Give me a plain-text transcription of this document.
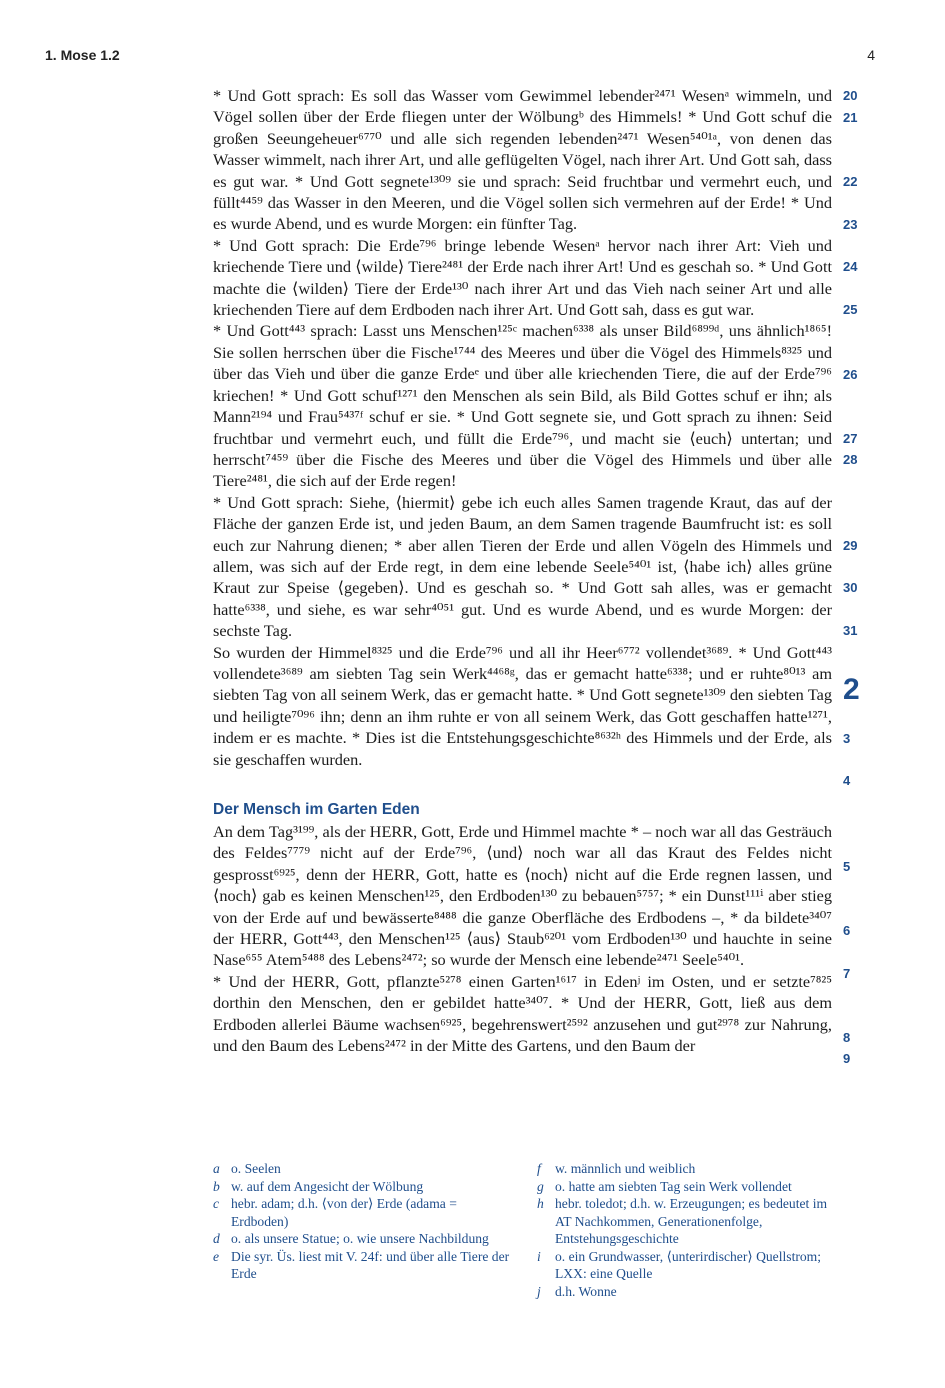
1. Mose 1.2	4

* Und Gott sprach: Es soll das Wasser vom Gewimmel lebender²⁴⁷¹ Wesenᵃ wimmeln, und Vögel sollen über der Erde fliegen unter der Wölbungᵇ des Himmels! * Und Gott schuf die großen Seeungeheuer⁶⁷⁷⁰ und alle sich regenden lebenden²⁴⁷¹ Wesen⁵⁴⁰¹ᵃ, von denen das Wasser wimmelt, nach ihrer Art, und alle geflügelten Vögel, nach ihrer Art. Und Gott sah, dass es gut war. * Und Gott segnete¹³⁰⁹ sie und sprach: Seid fruchtbar und vermehrt euch, und füllt⁴⁴⁵⁹ das Wasser in den Meeren, und die Vögel sollen sich vermehren auf der Erde! * Und es wurde Abend, und es wurde Morgen: ein fünfter Tag.

* Und Gott sprach: Die Erde⁷⁹⁶ bringe lebende Wesenᵃ hervor nach ihrer Art: Vieh und kriechende Tiere und ⟨wilde⟩ Tiere²⁴⁸¹ der Erde nach ihrer Art! Und es geschah so. * Und Gott machte die ⟨wilden⟩ Tiere der Erde¹³⁰ nach ihrer Art und das Vieh nach seiner Art und alle kriechenden Tiere auf dem Erdboden nach ihrer Art. Und Gott sah, dass es gut war.

* Und Gott⁴⁴³ sprach: Lasst uns Menschen¹²⁵ᶜ machen⁶³³⁸ als unser Bild⁶⁸⁹⁹ᵈ, uns ähnlich¹⁸⁶⁵! Sie sollen herrschen über die Fische¹⁷⁴⁴ des Meeres und über die Vögel des Himmels⁸³²⁵ und über das Vieh und über die ganze Erdeᵉ und über alle kriechenden Tiere, die auf der Erde⁷⁹⁶ kriechen! * Und Gott schuf¹²⁷¹ den Menschen als sein Bild, als Bild Gottes schuf er ihn; als Mann²¹⁹⁴ und Frau⁵⁴³⁷ᶠ schuf er sie. * Und Gott segnete sie, und Gott sprach zu ihnen: Seid fruchtbar und vermehrt euch, und füllt die Erde⁷⁹⁶, und macht sie ⟨euch⟩ untertan; und herrscht⁷⁴⁵⁹ über die Fische des Meeres und über die Vögel des Himmels und über alle Tiere²⁴⁸¹, die sich auf der Erde regen!

* Und Gott sprach: Siehe, ⟨hiermit⟩ gebe ich euch alles Samen tragende Kraut, das auf der Fläche der ganzen Erde ist, und jeden Baum, an dem Samen tragende Baumfrucht ist: es soll euch zur Nahrung dienen; * aber allen Tieren der Erde und allen Vögeln des Himmels und allem, was sich auf der Erde regt, in dem eine lebende Seele⁵⁴⁰¹ ist, ⟨habe ich⟩ alles grüne Kraut zur Speise ⟨gegeben⟩. Und es geschah so. * Und Gott sah alles, was er gemacht hatte⁶³³⁸, und siehe, es war sehr⁴⁰⁵¹ gut. Und es wurde Abend, und es wurde Morgen: der sechste Tag.

So wurden der Himmel⁸³²⁵ und die Erde⁷⁹⁶ und all ihr Heer⁶⁷⁷² vollendet³⁶⁸⁹. * Und Gott⁴⁴³ vollendete³⁶⁸⁹ am siebten Tag sein Werk⁴⁴⁶⁸ᵍ, das er gemacht hatte⁶³³⁸; und er ruhte⁸⁰¹³ am siebten Tag von all seinem Werk, das er gemacht hatte. * Und Gott segnete¹³⁰⁹ den siebten Tag und heiligte⁷⁰⁹⁶ ihn; denn an ihm ruhte er von all seinem Werk, das Gott geschaffen hatte¹²⁷¹, indem er es machte. * Dies ist die Entstehungsgeschichte⁸⁶³²ʰ des Himmels und der Erde, als sie geschaffen wurden.

Der Mensch im Garten Eden

An dem Tag³¹⁹⁹, als der HERR, Gott, Erde und Himmel machte * – noch war all das Gesträuch des Feldes⁷⁷⁷⁹ nicht auf der Erde⁷⁹⁶, ⟨und⟩ noch war all das Kraut des Feldes nicht gesprosst⁶⁹²⁵, denn der HERR, Gott, hatte es ⟨noch⟩ nicht auf die Erde regnen lassen, und ⟨noch⟩ gab es keinen Menschen¹²⁵, den Erdboden¹³⁰ zu bebauen⁵⁷⁵⁷; * ein Dunst¹¹¹ⁱ aber stieg von der Erde auf und bewässerte⁸⁴⁸⁸ die ganze Oberfläche des Erdbodens –, * da bildete³⁴⁰⁷ der HERR, Gott⁴⁴³, den Menschen¹²⁵ ⟨aus⟩ Staub⁶²⁰¹ vom Erdboden¹³⁰ und hauchte in seine Nase⁶⁵⁵ Atem⁵⁴⁸⁸ des Lebens²⁴⁷²; so wurde der Mensch eine lebende²⁴⁷¹ Seele⁵⁴⁰¹.

* Und der HERR, Gott, pflanzte⁵²⁷⁸ einen Garten¹⁶¹⁷ in Edenʲ im Osten, und er setzte⁷⁸²⁵ dorthin den Menschen, den er gebildet hatte³⁴⁰⁷. * Und der HERR, Gott, ließ aus dem Erdboden allerlei Bäume wachsen⁶⁹²⁵, begehrenswert²⁵⁹² anzusehen und gut²⁹⁷⁸ zur Nahrung, und den Baum des Lebens²⁴⁷² in der Mitte des Gartens, und den Baum der

20
21
22
23
24
25
26
27
28
29
30
31
2
3
4
5
6
7
8
9
a o. Seelen
b w. auf dem Angesicht der Wölbung
c hebr. adam; d.h. ⟨von der⟩ Erde (adama = Erdboden)
d o. als unsere Statue; o. wie unsere Nachbildung
e Die syr. Üs. liest mit V. 24f: und über alle Tiere der Erde
f	w. männlich und weiblich
g o. hatte am siebten Tag sein Werk vollendet
h hebr. toledot; d.h. w. Erzeugungen; es bedeutet im AT Nachkommen, Generationenfolge, Entstehungsgeschichte
i	o. ein Grundwasser, ⟨unterirdischer⟩ Quellstrom; LXX: eine Quelle
j	d.h. Wonne
